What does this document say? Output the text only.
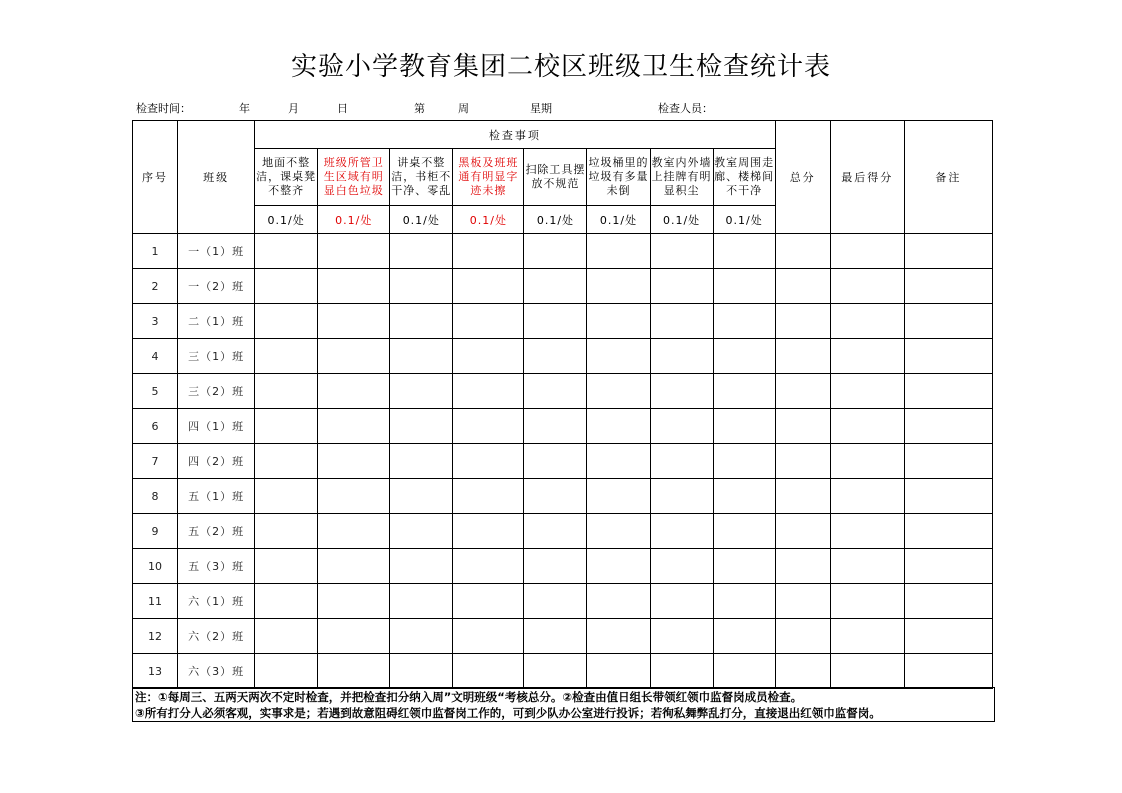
实验小学教育集团二校区班级卫生检查统计表
检查时间：	年	月	日	第	周	星期	检查人员：
序号	班级	检查事项								总分	最后得分	备注
		地面不整洁，课桌凳不整齐	班级所管卫生区域有明显白色垃圾	讲桌不整洁，书柜不干净、零乱	黑板及班班通有明显字迹未擦	扫除工具摆放不规范	垃圾桶里的垃圾有多量未倒	教室内外墙上挂牌有明显积尘	教室周围走廊、楼梯间不干净			
		0.1/处	0.1/处	0.1/处	0.1/处	0.1/处	0.1/处	0.1/处	0.1/处			
1	一（1）班											
2	一（2）班											
3	二（1）班											
4	三（1）班											
5	三（2）班											
6	四（1）班											
7	四（2）班											
8	五（1）班											
9	五（2）班											
10	五（3）班											
11	六（1）班											
12	六（2）班											
13	六（3）班											
注：①每周三、五两天两次不定时检查，并把检查扣分纳入周”文明班级“考核总分。②检查由值日组长带领红领巾监督岗成员检查。
③所有打分人必须客观，实事求是；若遇到故意阻碍红领巾监督岗工作的，可到少队办公室进行投诉；若徇私舞弊乱打分，直接退出红领巾监督岗。
